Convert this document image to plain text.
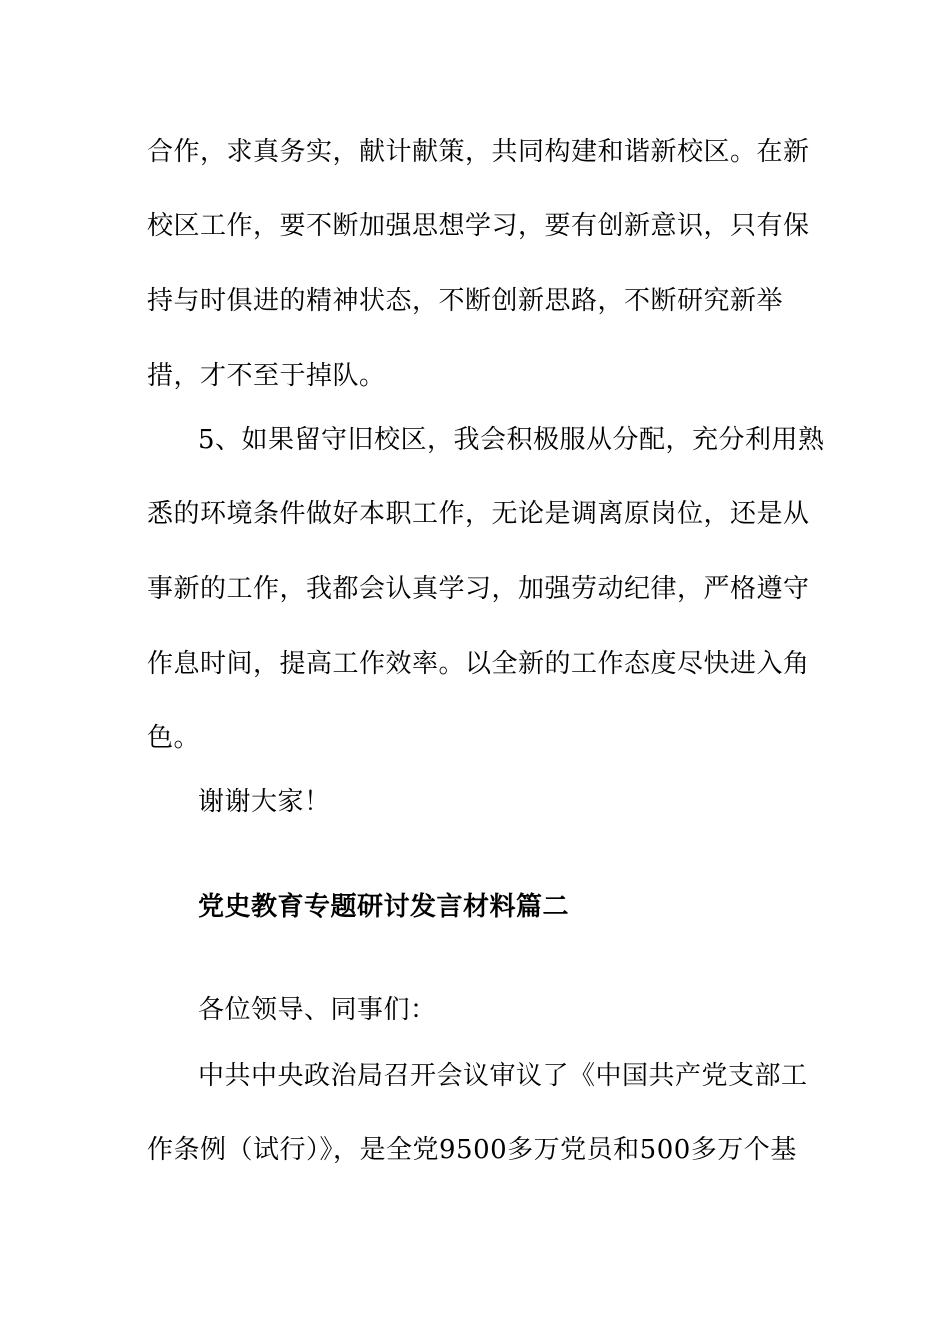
合作，求真务实，献计献策，共同构建和谐新校区。在新
校区工作，要不断加强思想学习，要有创新意识，只有保
持与时俱进的精神状态，不断创新思路，不断研究新举
措，才不至于掉队。
5、如果留守旧校区，我会积极服从分配，充分利用熟
悉的环境条件做好本职工作，无论是调离原岗位，还是从
事新的工作，我都会认真学习，加强劳动纪律，严格遵守
作息时间，提高工作效率。以全新的工作态度尽快进入角
色。
谢谢大家！
党史教育专题研讨发言材料篇二
各位领导、同事们：
中共中央政治局召开会议审议了《中国共产党支部工
作条例（试行）》，是全党9500多万党员和500多万个基
